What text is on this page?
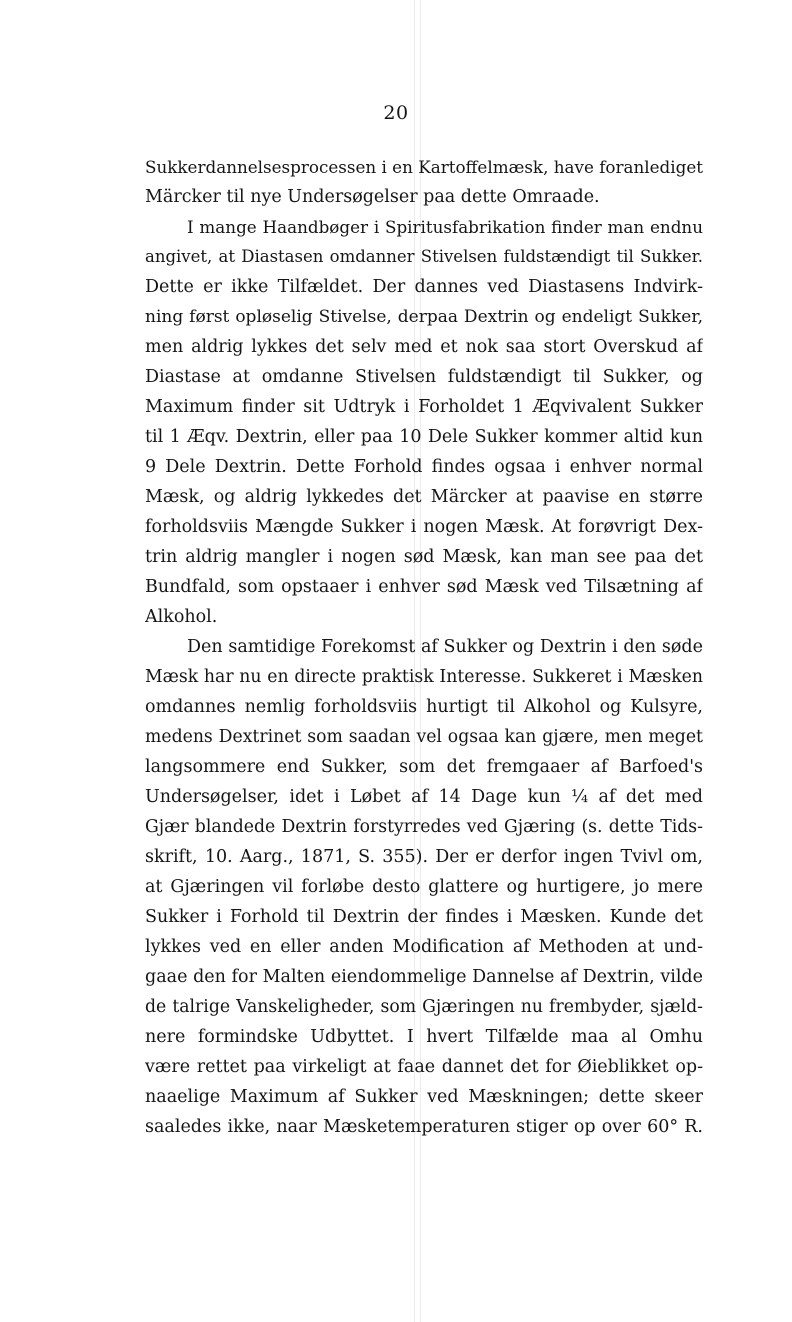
20
Sukkerdannelsesprocessen i en Kartoffelmæsk, have foranlediget
Märcker til nye Undersøgelser paa dette Omraade.
I mange Haandbøger i Spiritusfabrikation finder man endnu
angivet, at Diastasen omdanner Stivelsen fuldstændigt til Sukker.
Dette er ikke Tilfældet. Der dannes ved Diastasens Indvirk-
ning først opløselig Stivelse, derpaa Dextrin og endeligt Sukker,
men aldrig lykkes det selv med et nok saa stort Overskud af
Diastase at omdanne Stivelsen fuldstændigt til Sukker, og
Maximum finder sit Udtryk i Forholdet 1 Æqvivalent Sukker
til 1 Æqv. Dextrin, eller paa 10 Dele Sukker kommer altid kun
9 Dele Dextrin. Dette Forhold findes ogsaa i enhver normal
Mæsk, og aldrig lykkedes det Märcker at paavise en større
forholdsviis Mængde Sukker i nogen Mæsk. At forøvrigt Dex-
trin aldrig mangler i nogen sød Mæsk, kan man see paa det
Bundfald, som opstaaer i enhver sød Mæsk ved Tilsætning af
Alkohol.
Den samtidige Forekomst af Sukker og Dextrin i den søde
Mæsk har nu en directe praktisk Interesse. Sukkeret i Mæsken
omdannes nemlig forholdsviis hurtigt til Alkohol og Kulsyre,
medens Dextrinet som saadan vel ogsaa kan gjære, men meget
langsommere end Sukker, som det fremgaaer af Barfoed's
Undersøgelser, idet i Løbet af 14 Dage kun ¼ af det med
Gjær blandede Dextrin forstyrredes ved Gjæring (s. dette Tids-
skrift, 10. Aarg., 1871, S. 355). Der er derfor ingen Tvivl om,
at Gjæringen vil forløbe desto glattere og hurtigere, jo mere
Sukker i Forhold til Dextrin der findes i Mæsken. Kunde det
lykkes ved en eller anden Modification af Methoden at und-
gaae den for Malten eiendommelige Dannelse af Dextrin, vilde
de talrige Vanskeligheder, som Gjæringen nu frembyder, sjæld-
nere formindske Udbyttet. I hvert Tilfælde maa al Omhu
være rettet paa virkeligt at faae dannet det for Øieblikket op-
naaelige Maximum af Sukker ved Mæskningen; dette skeer
saaledes ikke, naar Mæsketemperaturen stiger op over 60° R.
